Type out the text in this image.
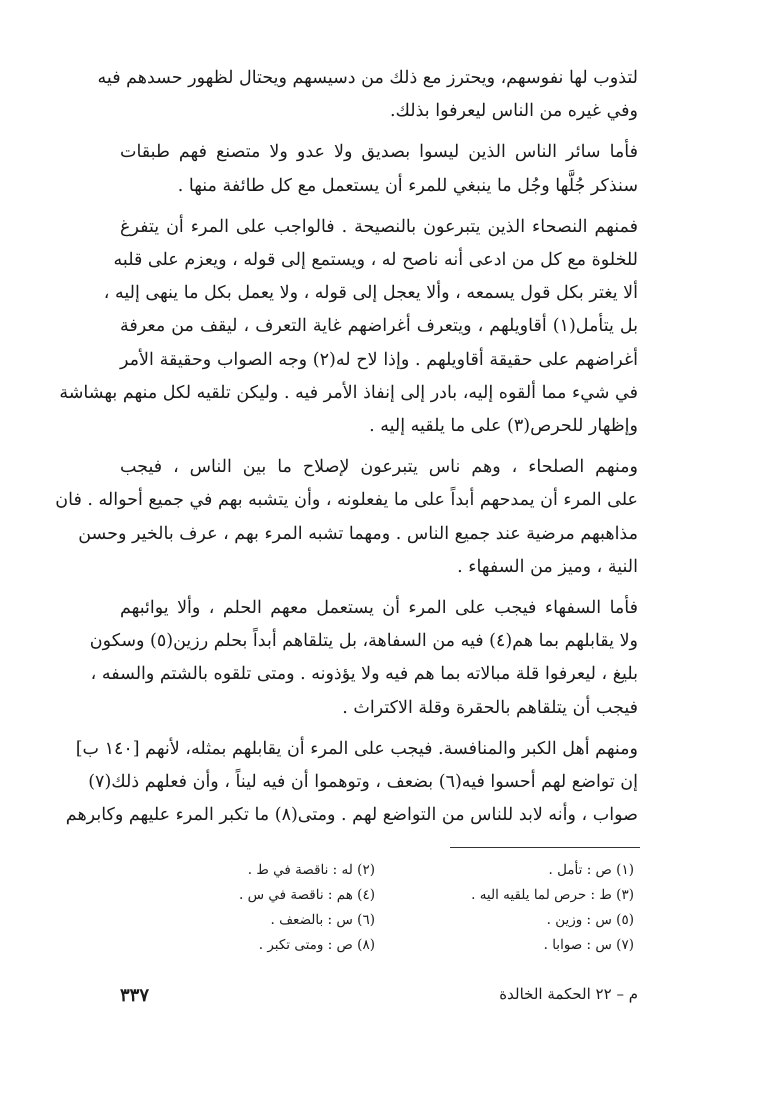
لتذوب لها نفوسهم، ويحترز مع ذلك من دسيسهم ويحتال لظهور حسدهم فيه
وفي غيره من الناس ليعرفوا بذلك.

فأما سائر الناس الذين ليسوا بصديق ولا عدو ولا متصنع فهم طبقات
سنذكر جُلَّها وجُل ما ينبغي للمرء أن يستعمل مع كل طائفة منها .

فمنهم النصحاء الذين يتبرعون بالنصيحة . فالواجب على المرء أن يتفرغ
للخلوة مع كل من ادعى أنه ناصح له ، ويستمع إلى قوله ، ويعزم على قلبه
ألا يغتر بكل قول يسمعه ، وألا يعجل إلى قوله ، ولا يعمل بكل ما ينهى إليه ،
بل يتأمل(١) أقاويلهم ، ويتعرف أغراضهم غاية التعرف ، ليقف من معرفة
أغراضهم على حقيقة أقاويلهم . وإذا لاح له(٢) وجه الصواب وحقيقة الأمر
في شيء مما ألقوه إليه، بادر إلى إنفاذ الأمر فيه . وليكن تلقيه لكل منهم بهشاشة
وإظهار للحرص(٣) على ما يلقيه إليه .

ومنهم الصلحاء ، وهم ناس يتبرعون لإصلاح ما بين الناس ، فيجب
على المرء أن يمدحهم أبداً على ما يفعلونه ، وأن يتشبه بهم في جميع أحواله . فان
مذاهبهم مرضية عند جميع الناس . ومهما تشبه المرء بهم ، عرف بالخير وحسن
النية ، وميز من السفهاء .

فأما السفهاء فيجب على المرء أن يستعمل معهم الحلم ، وألا يوائبهم
ولا يقابلهم بما هم(٤) فيه من السفاهة، بل يتلقاهم أبداً بحلم رزين(٥) وسكون
بليغ ، ليعرفوا قلة مبالاته بما هم فيه ولا يؤذونه . ومتى تلقوه بالشتم والسفه ،
فيجب أن يتلقاهم بالحقرة وقلة الاكتراث .

ومنهم أهل الكبر والمنافسة. فيجب على المرء أن يقابلهم بمثله، لأنهم [١٤٠ ب]
إن تواضع لهم أحسوا فيه(٦) بضعف ، وتوهموا أن فيه ليناً ، وأن فعلهم ذلك(٧)
صواب ، وأنه لابد للناس من التواضع لهم . ومتى(٨) ما تكبر المرء عليهم وكابرهم

(١) ص : تأمل .
(٢) له : ناقصة في ط .
(٣) ط : حرص لما يلقيه اليه .
(٤) هم : ناقصة في س .
(٥) س : وزين .
(٦) س : بالضعف .
(٧) س : صوابا .
(٨) ص : ومتى تكبر .
م – ٢٢ الحكمة الخالدة
٣٣٧
